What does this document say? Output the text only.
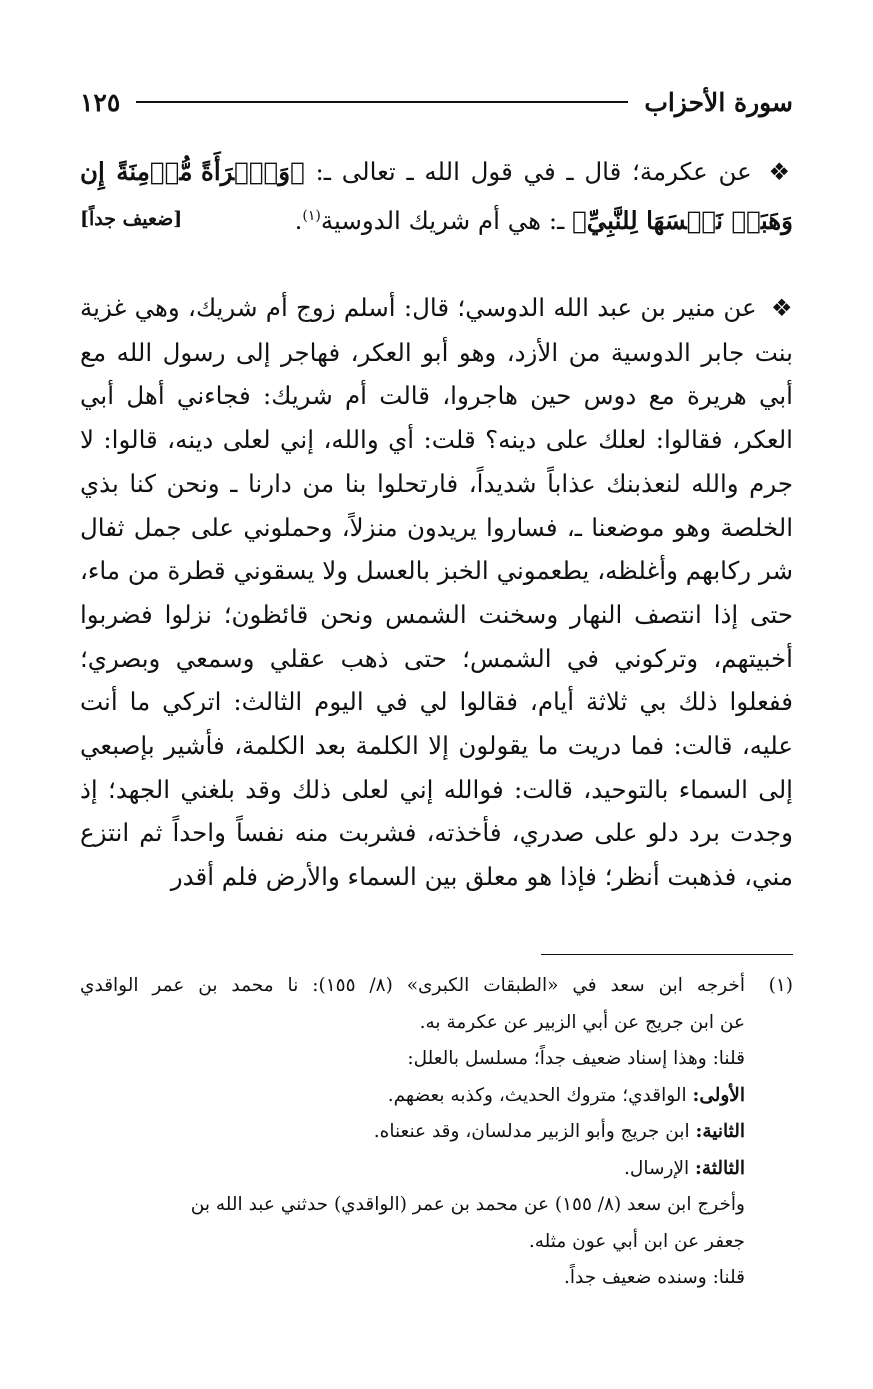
سورة الأحزاب
١٢٥
❖ عن عكرمة؛ قال ـ في قول الله ـ تعالى ـ: ﴿وَٱمۡرَأَةً مُّؤۡمِنَةً إِن وَهَبَتۡ نَفۡسَهَا لِلنَّبِيِّ﴾ ـ: هي أم شريك الدوسية$^{(١)}$.
[ضعيف جداً]
❖ عن منير بن عبد الله الدوسي؛ قال: أسلم زوج أم شريك، وهي غزية بنت جابر الدوسية من الأزد، وهو أبو العكر، فهاجر إلى رسول الله مع أبي هريرة مع دوس حين هاجروا، قالت أم شريك: فجاءني أهل أبي العكر، فقالوا: لعلك على دينه؟ قلت: أي والله، إني لعلى دينه، قالوا: لا جرم والله لنعذبنك عذاباً شديداً، فارتحلوا بنا من دارنا ـ ونحن كنا بذي الخلصة وهو موضعنا ـ، فساروا يريدون منزلاً، وحملوني على جمل ثفال شر ركابهم وأغلظه، يطعموني الخبز بالعسل ولا يسقوني قطرة من ماء، حتى إذا انتصف النهار وسخنت الشمس ونحن قائظون؛ نزلوا فضربوا أخبيتهم، وتركوني في الشمس؛ حتى ذهب عقلي وسمعي وبصري؛ ففعلوا ذلك بي ثلاثة أيام، فقالوا لي في اليوم الثالث: اتركي ما أنت عليه، قالت: فما دريت ما يقولون إلا الكلمة بعد الكلمة، فأشير بإصبعي إلى السماء بالتوحيد، قالت: فوالله إني لعلى ذلك وقد بلغني الجهد؛ إذ وجدت برد دلو على صدري، فأخذته، فشربت منه نفساً واحداً ثم انتزع مني، فذهبت أنظر؛ فإذا هو معلق بين السماء والأرض فلم أقدر
(١)أخرجه ابن سعد في «الطبقات الكبرى» (٨/ ١٥٥): نا محمد بن عمر الواقدي
عن ابن جريج عن أبي الزبير عن عكرمة به.
قلنا: وهذا إسناد ضعيف جداً؛ مسلسل بالعلل:
الأولى: الواقدي؛ متروك الحديث، وكذبه بعضهم.
الثانية: ابن جريج وأبو الزبير مدلسان، وقد عنعناه.
الثالثة: الإرسال.
وأخرج ابن سعد (٨/ ١٥٥) عن محمد بن عمر (الواقدي) حدثني عبد الله بن
جعفر عن ابن أبي عون مثله.
قلنا: وسنده ضعيف جداً.
